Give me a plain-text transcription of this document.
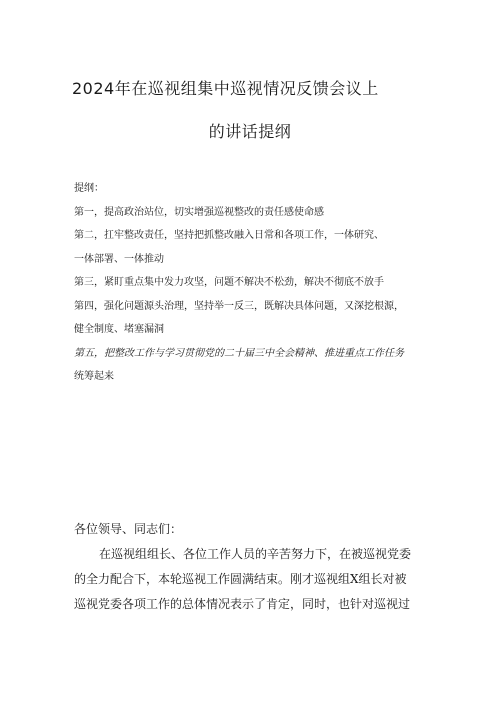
2024年在巡视组集中巡视情况反馈会议上
的讲话提纲
提纲：
第一，提高政治站位，切实增强巡视整改的责任感使命感
第二，扛牢整改责任，坚持把抓整改融入日常和各项工作，一体研究、
一体部署、一体推动
第三，紧盯重点集中发力攻坚，问题不解决不松劲，解决不彻底不放手
第四，强化问题源头治理，坚持举一反三，既解决具体问题，又深挖根源，
健全制度、堵塞漏洞
第五，把整改工作与学习贯彻党的二十届三中全会精神、推进重点工作任务
统筹起来
各位领导、同志们：
在巡视组组长、各位工作人员的辛苦努力下，在被巡视党委
的全力配合下，本轮巡视工作圆满结束。刚才巡视组X组长对被
巡视党委各项工作的总体情况表示了肯定，同时，也针对巡视过
